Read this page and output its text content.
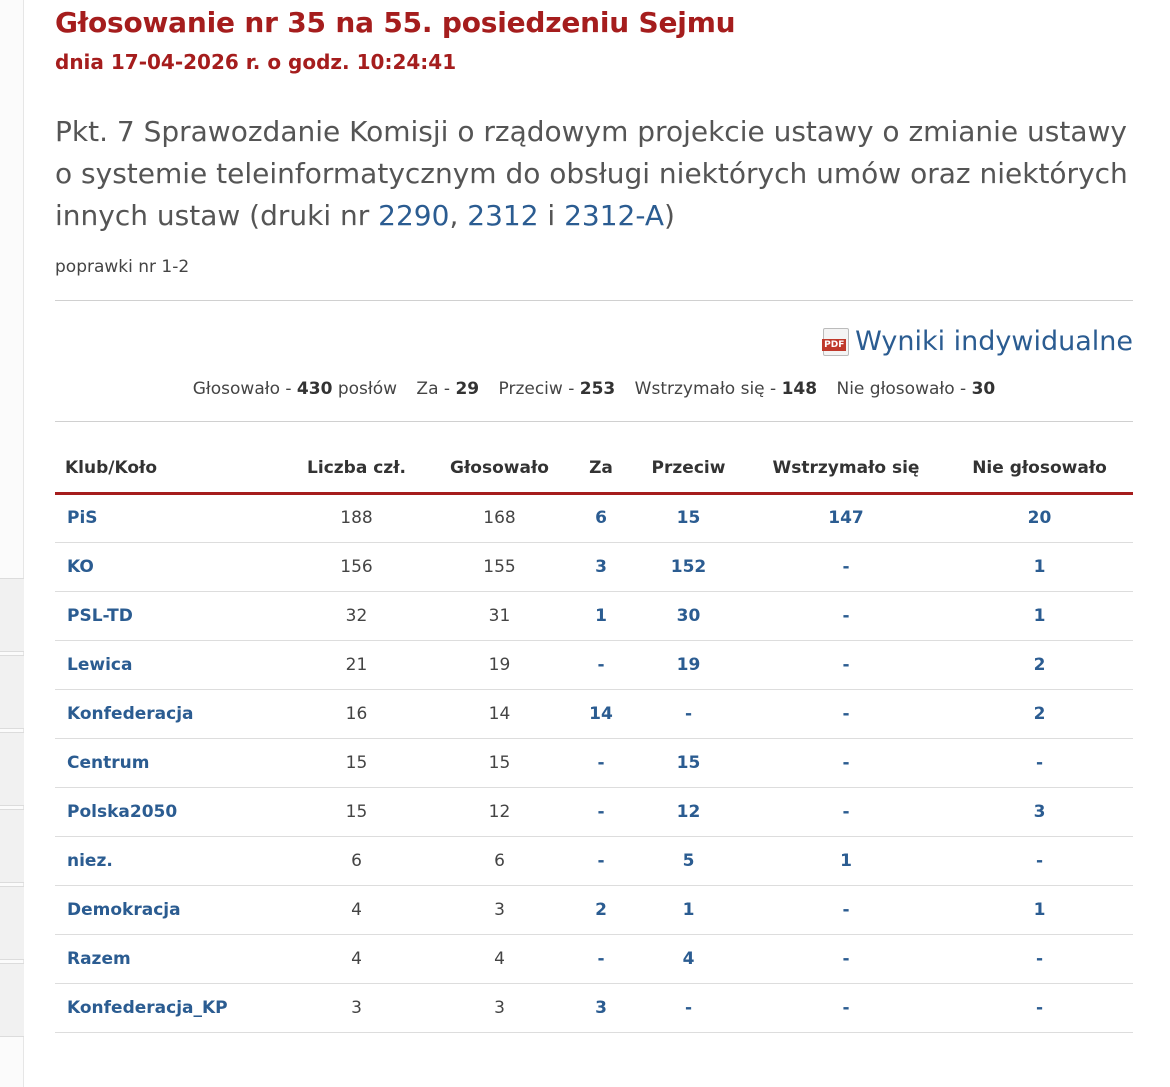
Głosowanie nr 35 na 55. posiedzeniu Sejmu
dnia 17-04-2026 r. o godz. 10:24:41
Pkt. 7 Sprawozdanie Komisji o rządowym projekcie ustawy o zmianie ustawy o systemie teleinformatycznym do obsługi niektórych umów oraz niektórych innych ustaw (druki nr 2290, 2312 i 2312-A)
poprawki nr 1-2
PDF Wyniki indywidualne
Głosowało - 430 posłów Za - 29 Przeciw - 253 Wstrzymało się - 148 Nie głosowało - 30
Klub/Koło	Liczba czł.	Głosowało	Za	Przeciw	Wstrzymało się	Nie głosowało
PiS	188	168	6	15	147	20
KO	156	155	3	152	-	1
PSL-TD	32	31	1	30	-	1
Lewica	21	19	-	19	-	2
Konfederacja	16	14	14	-	-	2
Centrum	15	15	-	15	-	-
Polska2050	15	12	-	12	-	3
niez.	6	6	-	5	1	-
Demokracja	4	3	2	1	-	1
Razem	4	4	-	4	-	-
Konfederacja_KP	3	3	3	-	-	-
